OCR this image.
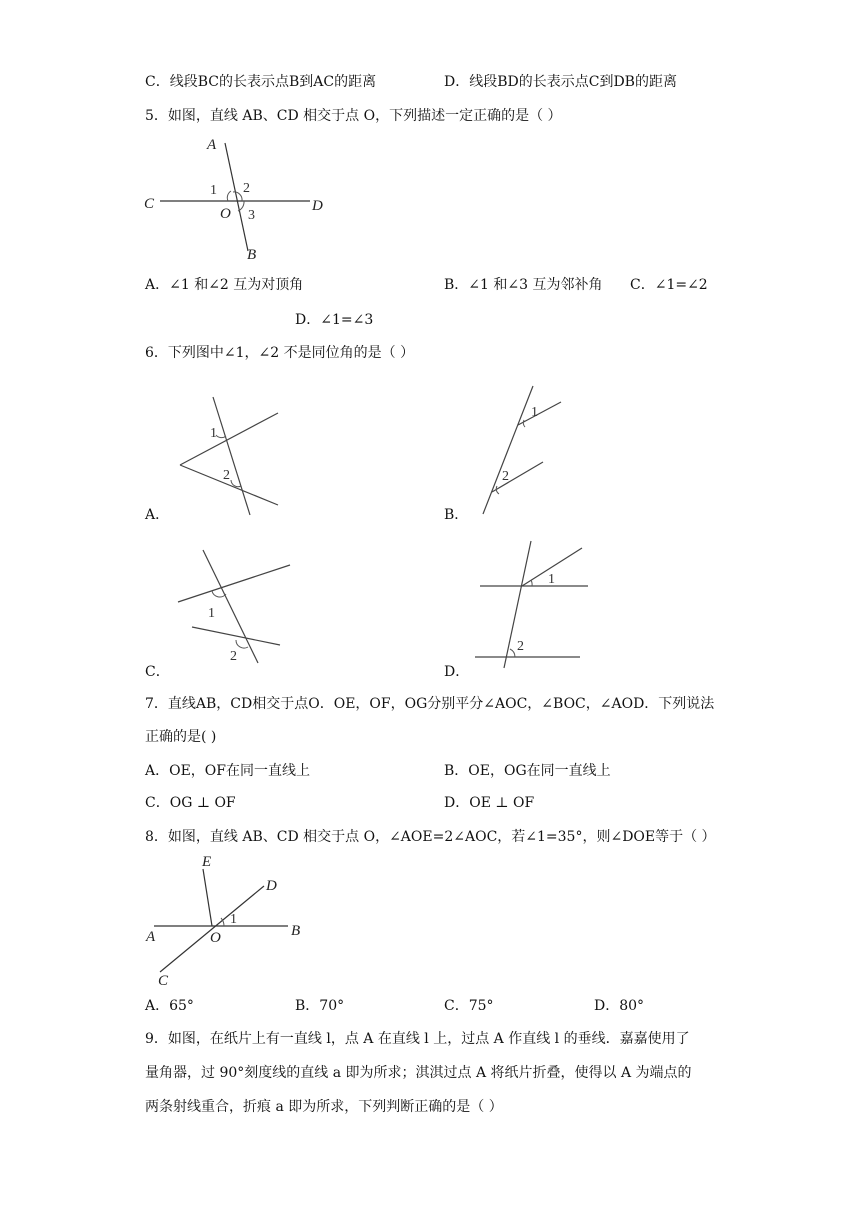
C．线段BC的长表示点B到AC的距离	D．线段BD的长表示点C到DB的距离
5．如图，直线 AB、CD 相交于点 O，下列描述一定正确的是（ ）
A
C	D
O
B
1 2
3
A．∠1 和∠2 互为对顶角	B．∠1 和∠3 互为邻补角 C．∠1=∠2
D．∠1=∠3
6．下列图中∠1，∠2 不是同位角的是（ ）
1
2
A．
1
2
B．
1
2
C．
1
2
D．
7．直线AB，CD相交于点O．OE，OF，OG分别平分∠AOC，∠BOC，∠AOD．下列说法
正确的是( )
A．OE，OF在同一直线上	B．OE，OG在同一直线上
C．OG ⊥ OF	D．OE ⊥ OF
8．如图，直线 AB、CD 相交于点 O，∠AOE=2∠AOC，若∠1=35°，则∠DOE等于（ ）
E
D
A	O	B
C
1
A．65°	B．70°	C．75°	D．80°
9．如图，在纸片上有一直线 l，点 A 在直线 l 上，过点 A 作直线 l 的垂线．嘉嘉使用了
量角器，过 90°刻度线的直线 a 即为所求；淇淇过点 A 将纸片折叠，使得以 A 为端点的
两条射线重合，折痕 a 即为所求，下列判断正确的是（ ）
